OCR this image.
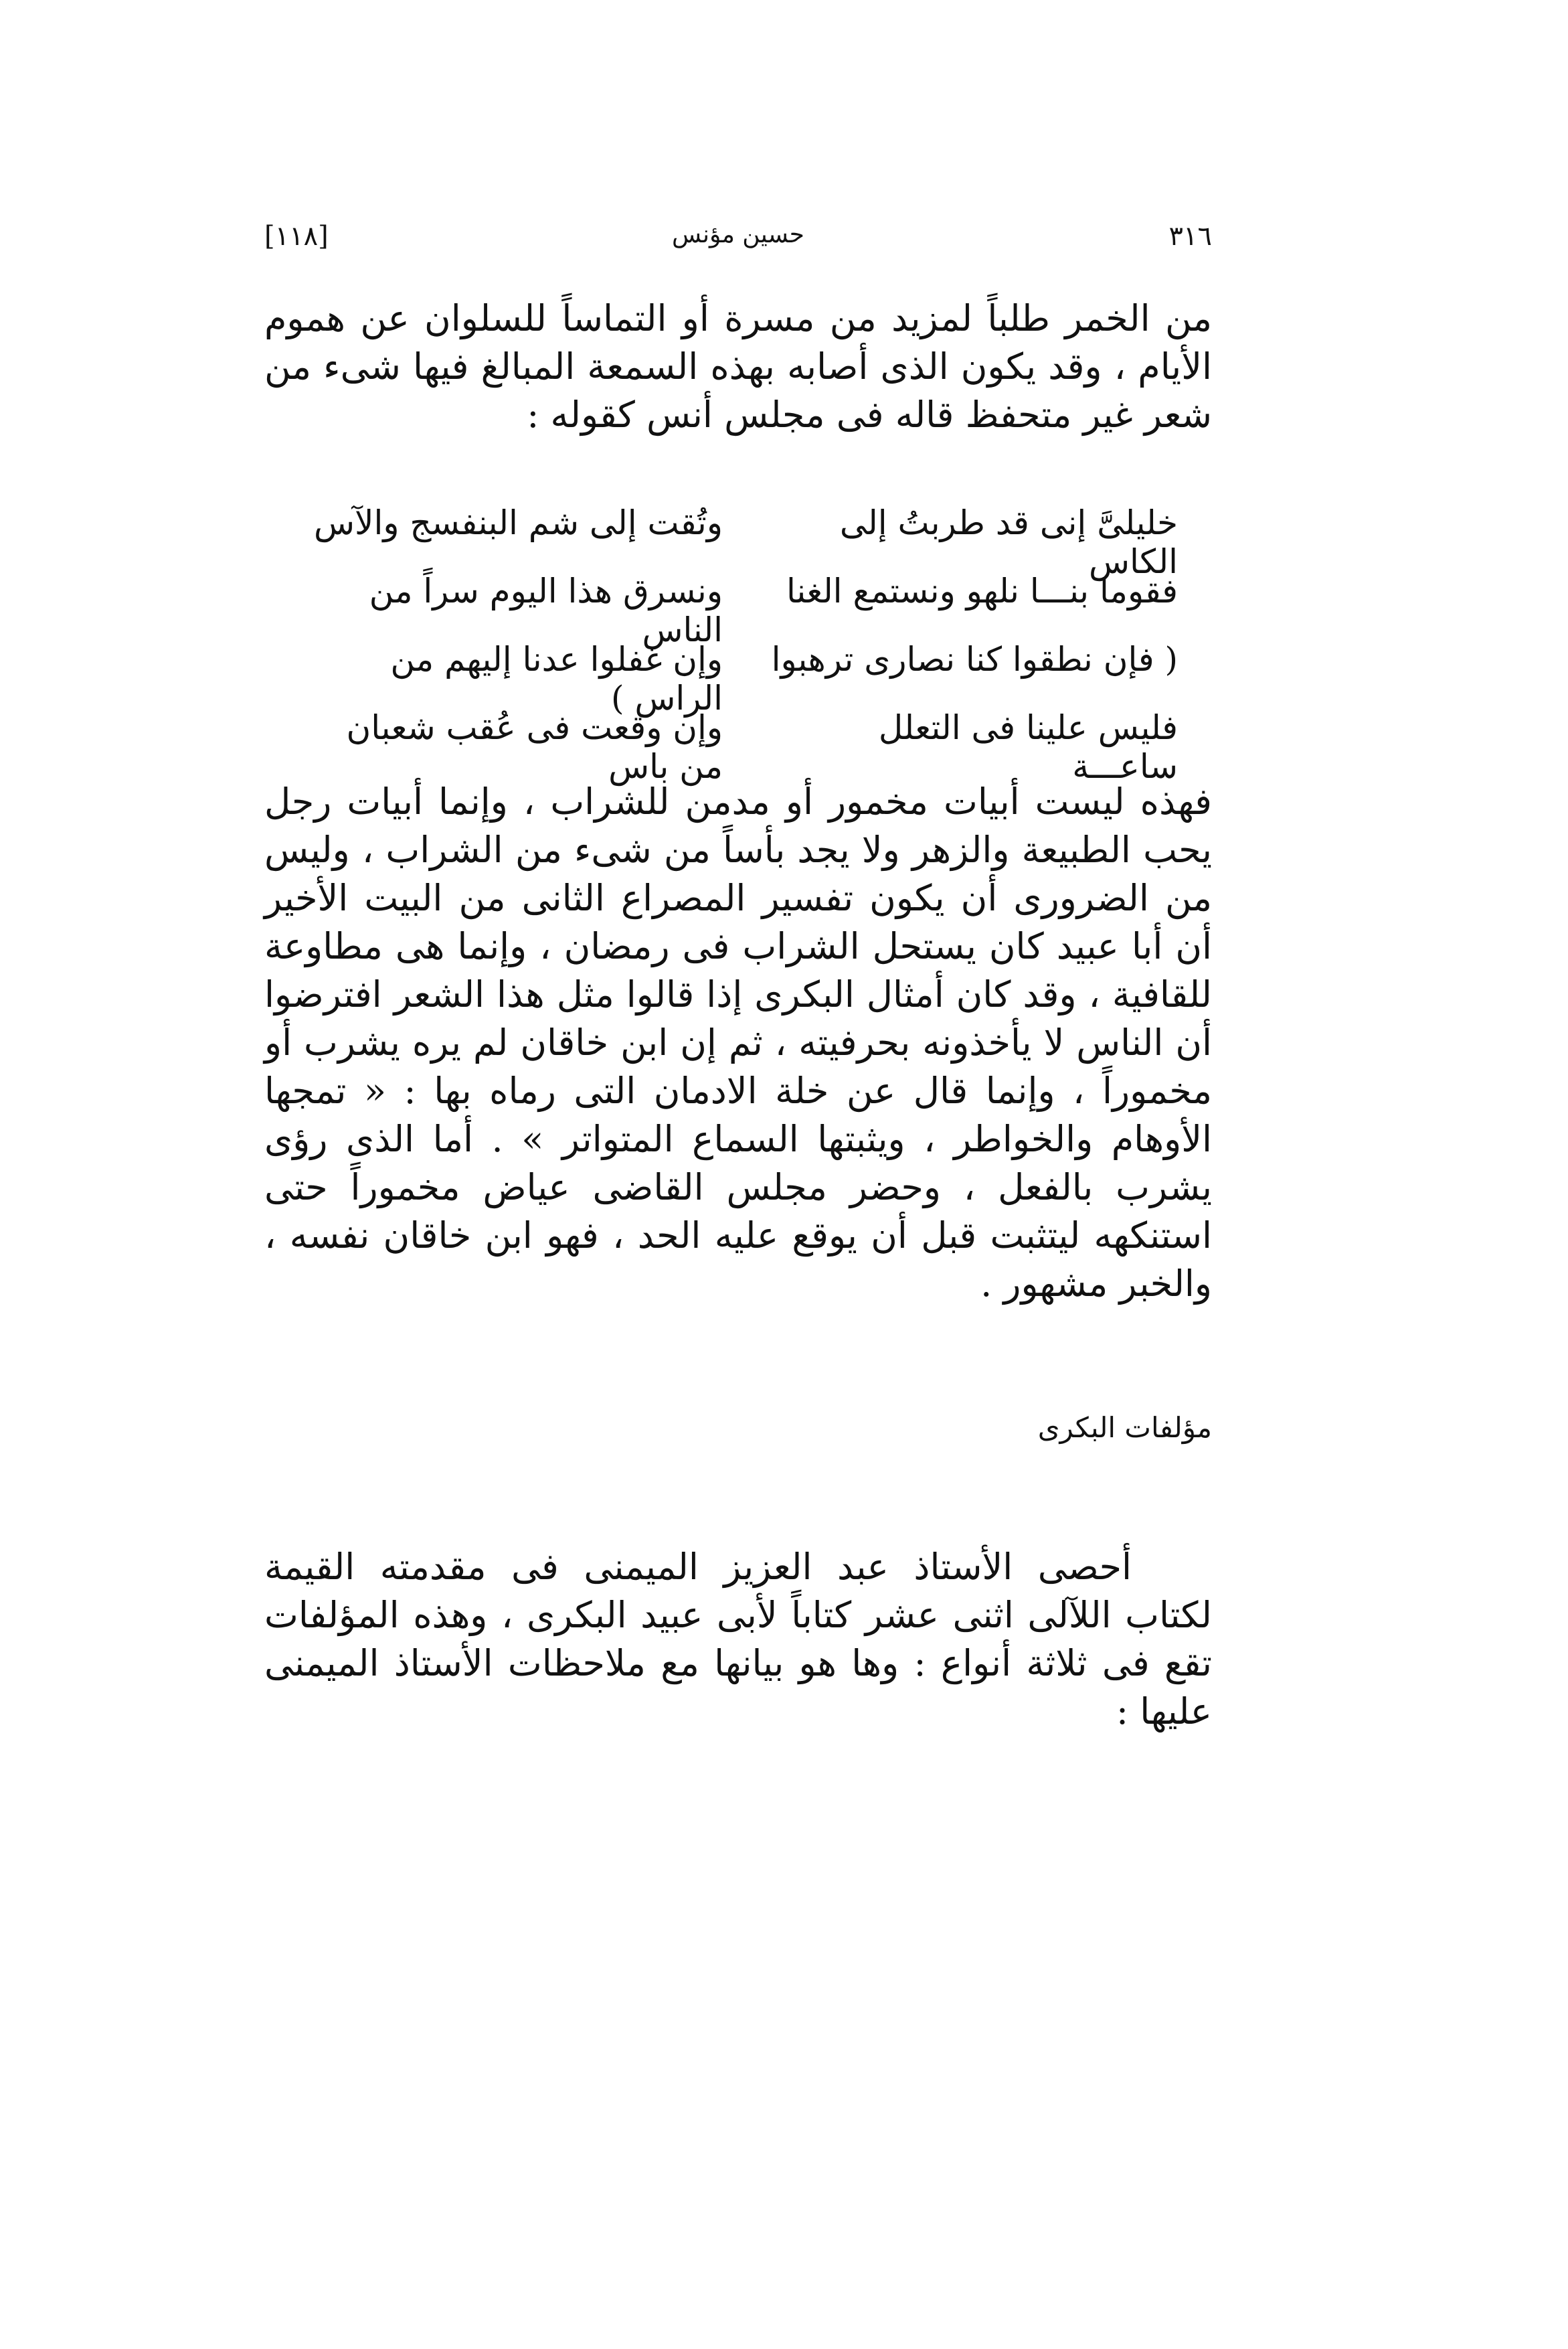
٣١٦
حسين مؤنس
[١١٨]
من الخمر طلباً لمزيد من مسرة أو التماساً للسلوان عن هموم الأيام ، وقد يكون الذى أصابه بهذه السمعة المبالغ فيها شىء من شعر غير متحفظ قاله فى مجلس أنس كقوله :
خليلىَّ إنى قد طربتُ إلى الكاس
وتُقت إلى شم البنفسج والآس
فقوما بنـــا نلهو ونستمع الغنا
ونسرق هذا اليوم سراً من الناس
( فإن نطقوا كنا نصارى ترهبوا
وإن غفلوا عدنا إليهم من الراس )
فليس علينا فى التعلل ساعـــة
وإن وقعت فى عُقب شعبان من باس
فهذه ليست أبيات مخمور أو مدمن للشراب ، وإنما أبيات رجل يحب الطبيعة والزهر ولا يجد بأساً من شىء من الشراب ، وليس من الضرورى أن يكون تفسير المصراع الثانى من البيت الأخير أن أبا عبيد كان يستحل الشراب فى رمضان ، وإنما هى مطاوعة للقافية ، وقد كان أمثال البكرى إذا قالوا مثل هذا الشعر افترضوا أن الناس لا يأخذونه بحرفيته ، ثم إن ابن خاقان لم يره يشرب أو مخموراً ، وإنما قال عن خلة الادمان التى رماه بها : « تمجها الأوهام والخواطر ، ويثبتها السماع المتواتر » . أما الذى رؤى يشرب بالفعل ، وحضر مجلس القاضى عياض مخموراً حتى استنكهه ليتثبت قبل أن يوقع عليه الحد ، فهو ابن خاقان نفسه ، والخبر مشهور .
مؤلفات البكرى
أحصى الأستاذ عبد العزيز الميمنى فى مقدمته القيمة لكتاب اللآلى اثنى عشر كتاباً لأبى عبيد البكرى ، وهذه المؤلفات تقع فى ثلاثة أنواع : وها هو بيانها مع ملاحظات الأستاذ الميمنى عليها :
